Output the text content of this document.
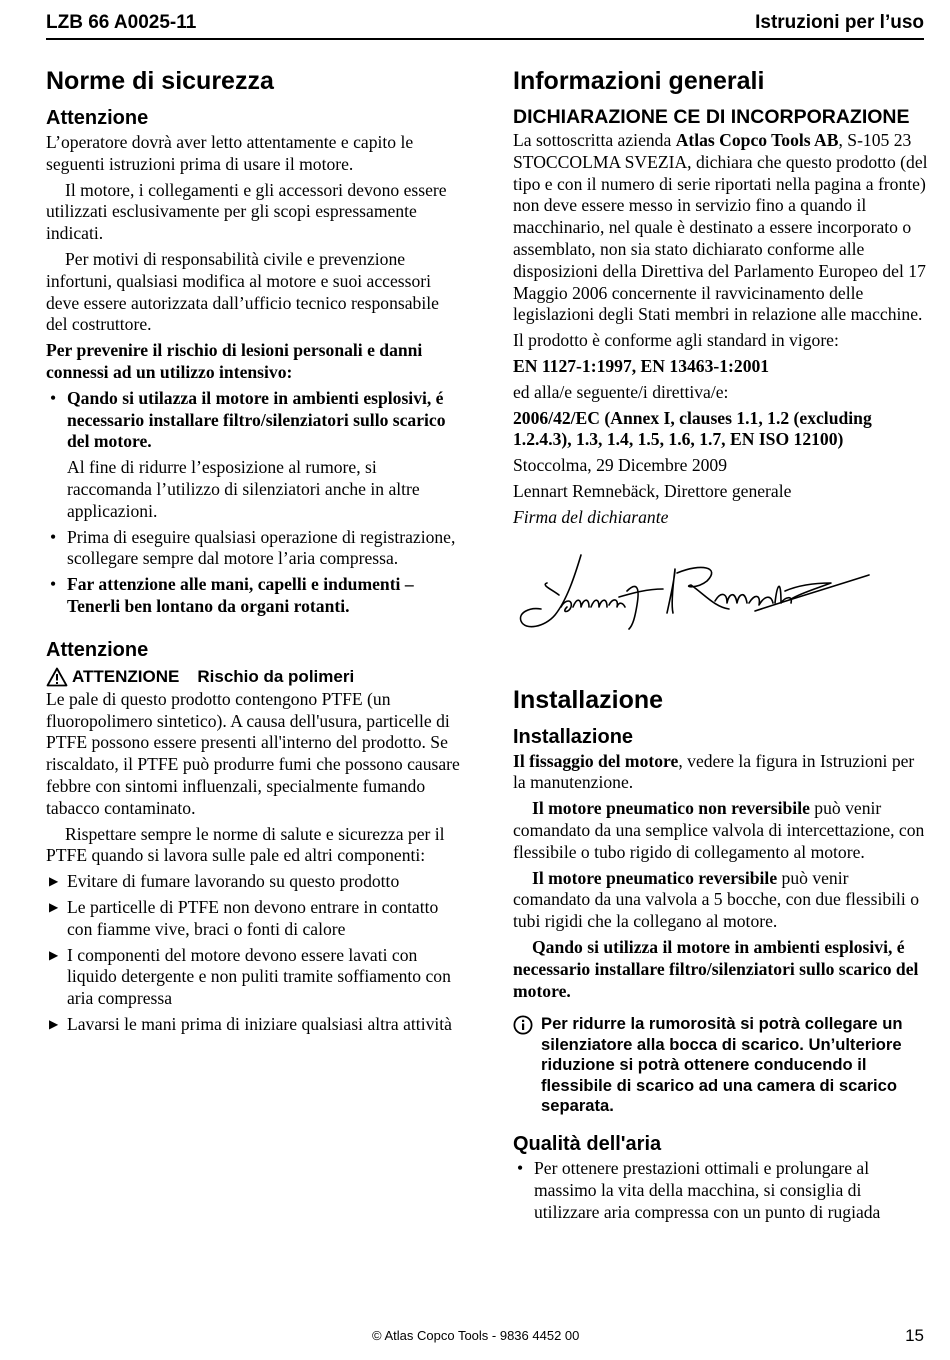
LZB 66 A0025-11	Istruzioni per l’uso
Norme di sicurezza
Attenzione

L’operatore dovrà aver letto attentamente e capito le seguenti istruzioni prima di usare il motore.

Il motore, i collegamenti e gli accessori devono essere utilizzati esclusivamente per gli scopi espressamente indicati.

Per motivi di responsabilità civile e prevenzione infortuni, qualsiasi modifica al motore e suoi accessori deve essere autorizzata dall’ufficio tecnico responsabile del costruttore.

Per prevenire il rischio di lesioni personali e danni connessi ad un utilizzo intensivo:

• Qando si utilazza il motore in ambienti esplosivi, é necessario installare filtro/silenziatori sullo scarico del motore.

Al fine di ridurre l’esposizione al rumore, si raccomanda l’utilizzo di silenziatori anche in altre applicazioni.

• Prima di eseguire qualsiasi operazione di registrazione, scollegare sempre dal motore l’aria compressa.
• Far attenzione alle mani, capelli e indumenti – Tenerli ben lontano da organi rotanti.
Attenzione
ATTENZIONE Rischio da polimeri

Le pale di questo prodotto contengono PTFE (un fluoropolimero sintetico). A causa dell'usura, particelle di PTFE possono essere presenti all'interno del prodotto. Se riscaldato, il PTFE può produrre fumi che possono causare febbre con sintomi influenzali, specialmente fumando tabacco contaminato.

Rispettare sempre le norme di salute e sicurezza per il PTFE quando si lavora sulle pale ed altri componenti:

▶ Evitare di fumare lavorando su questo prodotto
▶ Le particelle di PTFE non devono entrare in contatto con fiamme vive, braci o fonti di calore
▶ I componenti del motore devono essere lavati con liquido detergente e non puliti tramite soffiamento con aria compressa
▶ Lavarsi le mani prima di iniziare qualsiasi altra attività
Informazioni generali
DICHIARAZIONE CE DI INCORPORAZIONE

La sottoscritta azienda Atlas Copco Tools AB, S-105 23 STOCCOLMA SVEZIA, dichiara che questo prodotto (del tipo e con il numero di serie riportati nella pagina a fronte) non deve essere messo in servizio fino a quando il macchinario, nel quale è destinato a essere incorporato o assemblato, non sia stato dichiarato conforme alle disposizioni della Direttiva del Parlamento Europeo del 17 Maggio 2006 concernente il ravvicinamento delle legislazioni degli Stati membri in relazione alle macchine.

Il prodotto è conforme agli standard in vigore:

EN 1127-1:1997, EN 13463-1:2001

ed alla/e seguente/i direttiva/e:

2006/42/EC (Annex I, clauses 1.1, 1.2 (excluding 1.2.4.3), 1.3, 1.4, 1.5, 1.6, 1.7, EN ISO 12100)

Stoccolma, 29 Dicembre 2009

Lennart Remnebäck, Direttore generale

Firma del dichiarante

Installazione
Installazione

Il fissaggio del motore, vedere la figura in Istruzioni per la manutenzione.

Il motore pneumatico non reversibile può venir comandato da una semplice valvola di intercettazione, con flessibile o tubo rigido di collegamento al motore.

Il motore pneumatico reversibile può venir comandato da una valvola a 5 bocche, con due flessibili o tubi rigidi che la collegano al motore.

Qando si utilizza il motore in ambienti esplosivi, é necessario installare filtro/silenziatori sullo scarico del motore.

Per ridurre la rumorosità si potrà collegare un silenziatore alla bocca di scarico. Un’ulteriore riduzione si potrà ottenere conducendo il flessibile di scarico ad una camera di scarico separata.
Qualità dell'aria
• Per ottenere prestazioni ottimali e prolungare al massimo la vita della macchina, si consiglia di utilizzare aria compressa con un punto di rugiada
© Atlas Copco Tools - 9836 4452 00	15
